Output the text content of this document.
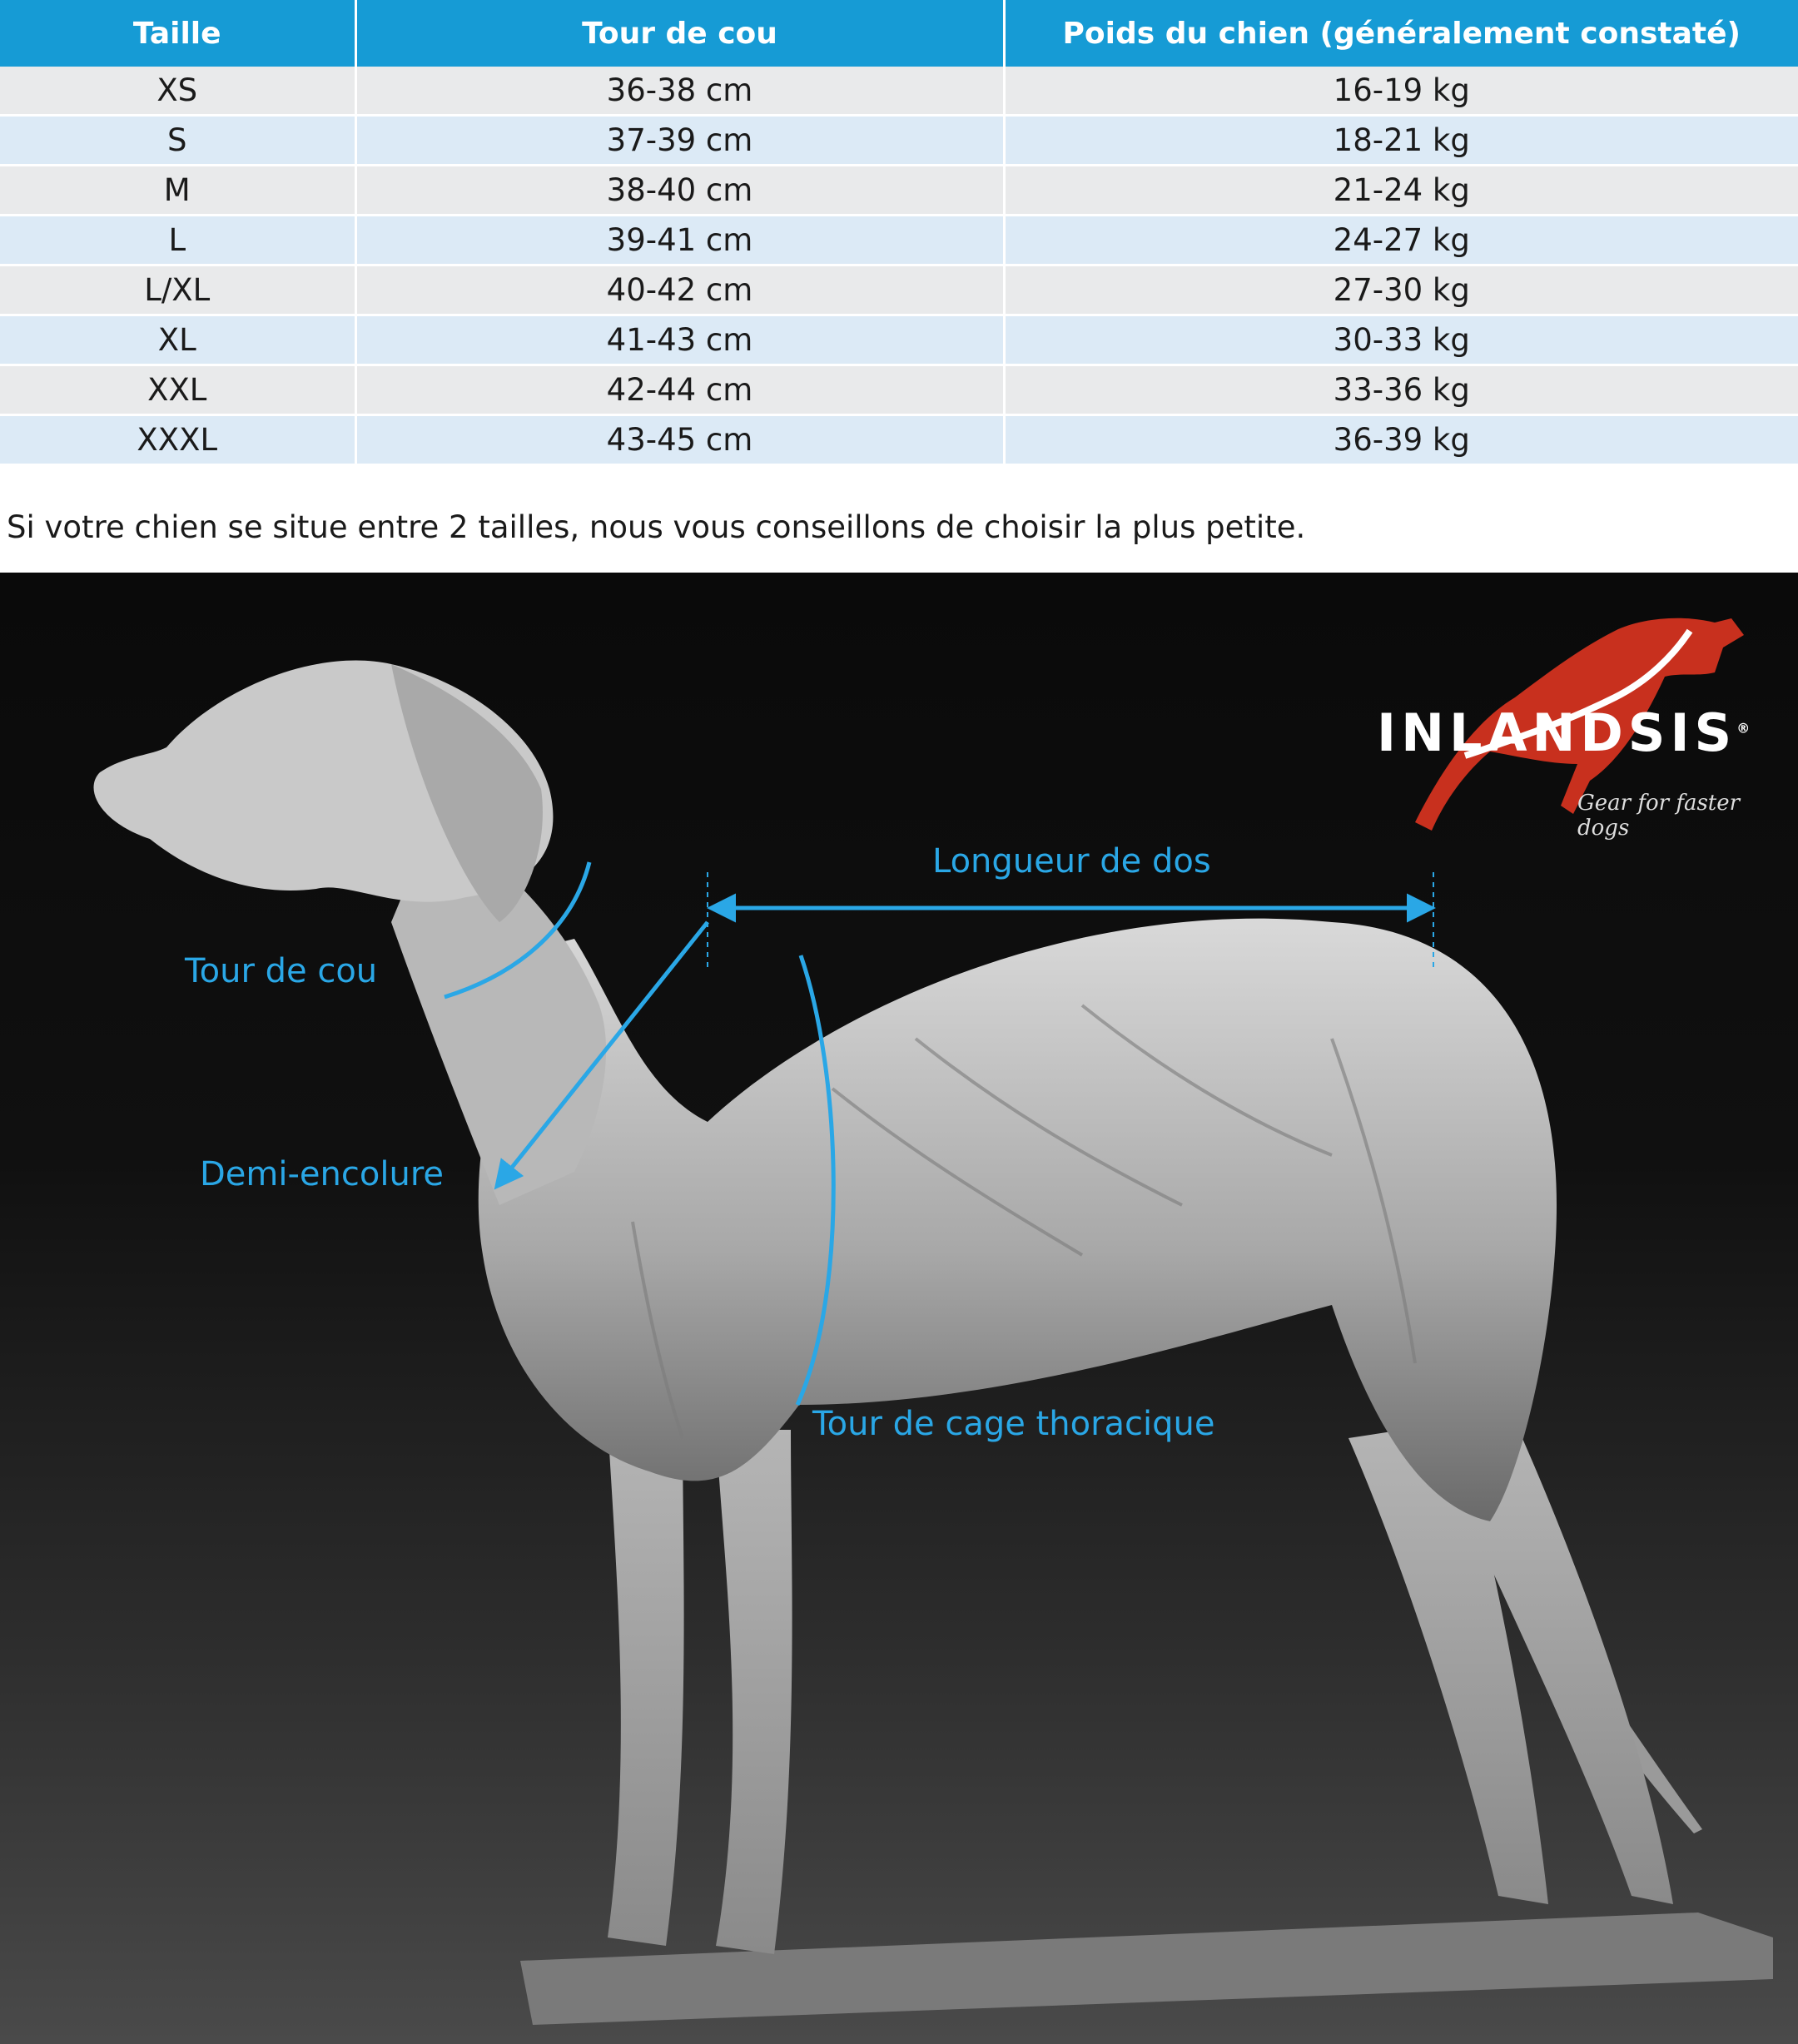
Taille	Tour de cou	Poids du chien (généralement constaté)
XS	36-38 cm	16-19 kg
S	37-39 cm	18-21 kg
M	38-40 cm	21-24 kg
L	39-41 cm	24-27 kg
L/XL	40-42 cm	27-30 kg
XL	41-43 cm	30-33 kg
XXL	42-44 cm	33-36 kg
XXXL	43-45 cm	36-39 kg
Si votre chien se situe entre 2 tailles, nous vous conseillons de choisir la plus petite.
Longueur de dos
Tour de cou
Demi-encolure
Tour de cage thoracique
INLANDSIS®
Gear for faster dogs
